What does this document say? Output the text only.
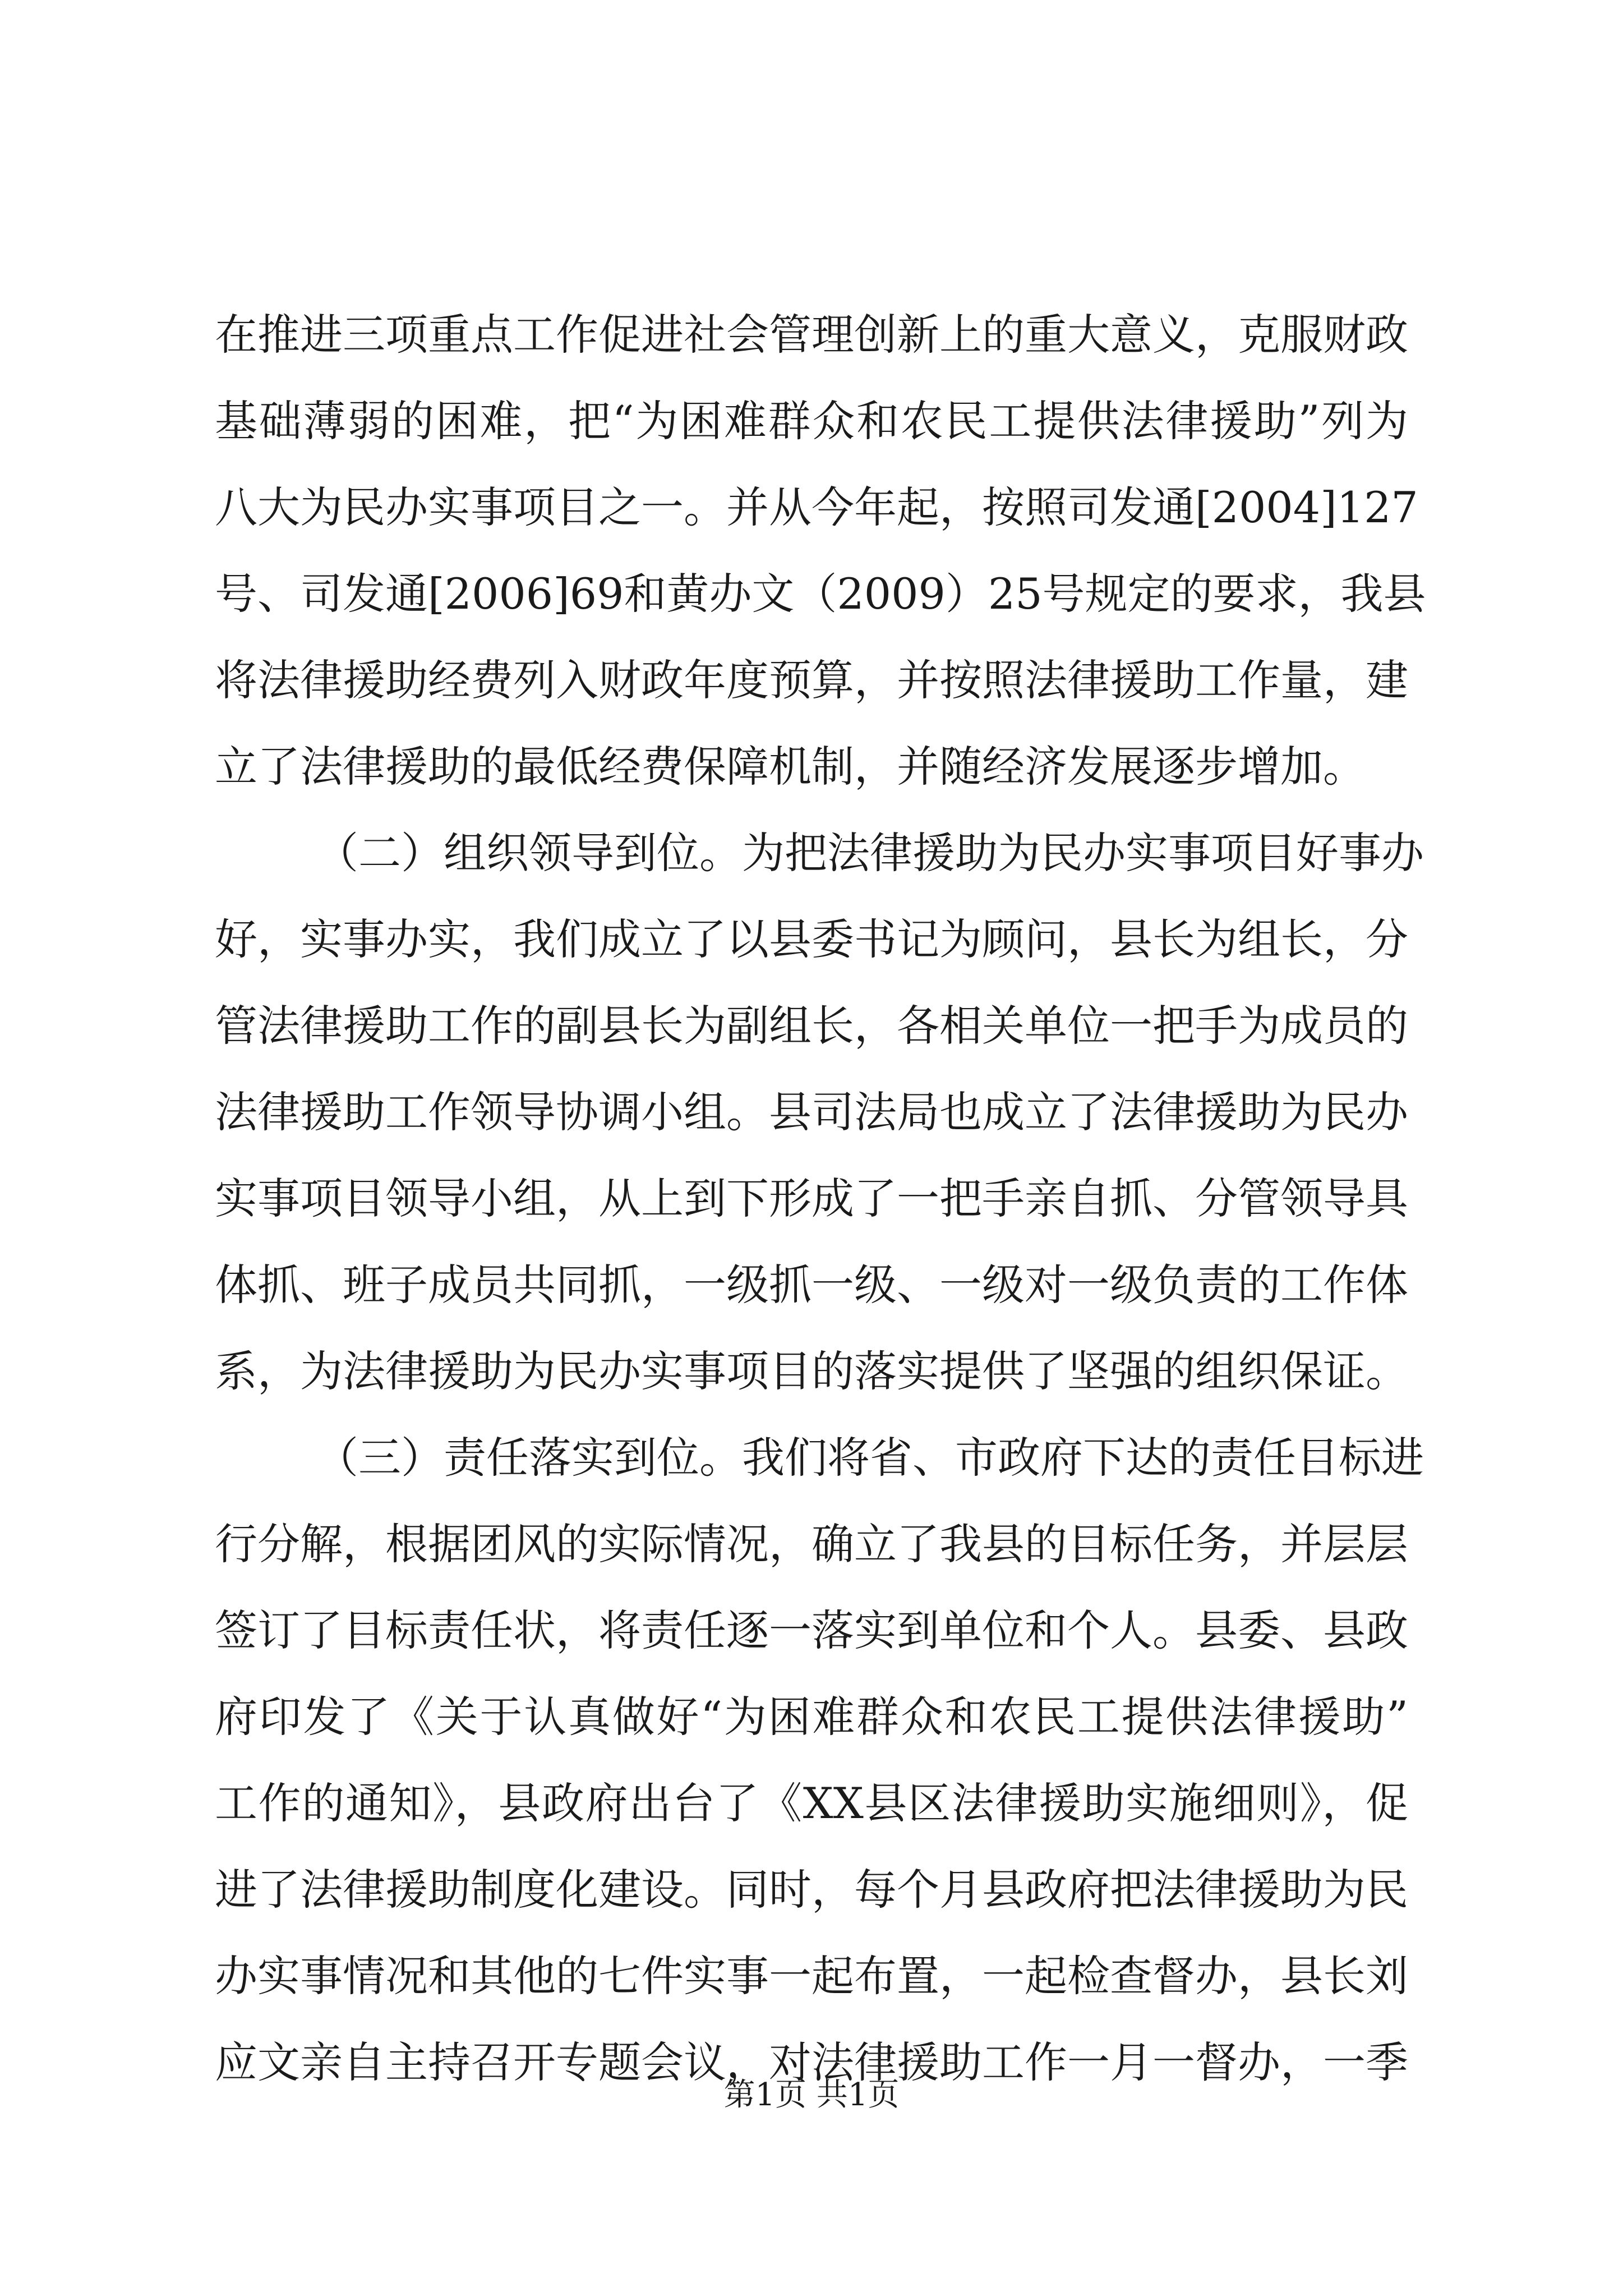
在推进三项重点工作促进社会管理创新上的重大意义，克服财政
基础薄弱的困难，把“为困难群众和农民工提供法律援助”列为
八大为民办实事项目之一。并从今年起，按照司发通[2004]127
号、司发通[2006]69和黄办文（2009）25号规定的要求，我县
将法律援助经费列入财政年度预算，并按照法律援助工作量，建
立了法律援助的最低经费保障机制，并随经济发展逐步增加。
（二）组织领导到位。为把法律援助为民办实事项目好事办
好，实事办实，我们成立了以县委书记为顾问，县长为组长，分
管法律援助工作的副县长为副组长，各相关单位一把手为成员的
法律援助工作领导协调小组。县司法局也成立了法律援助为民办
实事项目领导小组，从上到下形成了一把手亲自抓、分管领导具
体抓、班子成员共同抓，一级抓一级、一级对一级负责的工作体
系，为法律援助为民办实事项目的落实提供了坚强的组织保证。
（三）责任落实到位。我们将省、市政府下达的责任目标进
行分解，根据团风的实际情况，确立了我县的目标任务，并层层
签订了目标责任状，将责任逐一落实到单位和个人。县委、县政
府印发了《关于认真做好“为困难群众和农民工提供法律援助”
工作的通知》，县政府出台了《XX县区法律援助实施细则》，促
进了法律援助制度化建设。同时，每个月县政府把法律援助为民
办实事情况和其他的七件实事一起布置，一起检查督办，县长刘
应文亲自主持召开专题会议，对法律援助工作一月一督办，一季
第1页 共1页
